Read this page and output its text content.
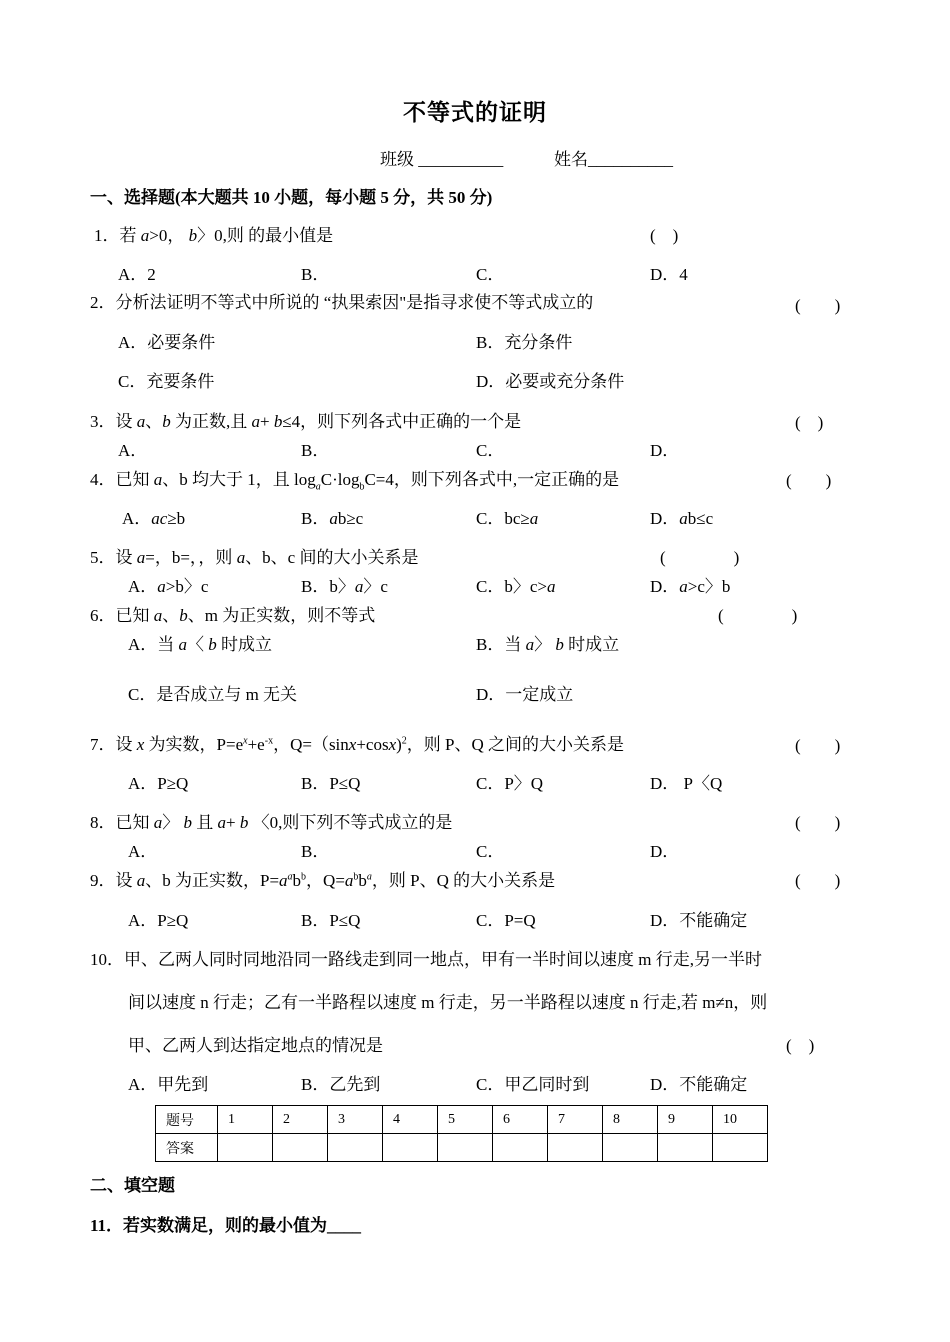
不等式的证明
班级 __________	姓名__________
一、选择题(本大题共 10 小题，每小题 5 分，共 50 分)
1．若 a>0， b〉0,则 的最小值是	(　)
A．2	B．	C．	D．4
2．分析法证明不等式中所说的 “执果索因"是指寻求使不等式成立的	(　　)
A．必要条件	B．充分条件
C．充要条件	D．必要或充分条件
3．设 a、b 为正数,且 a+ b≤4，则下列各式中正确的一个是	(　)
A．	B．	C．	D．
4．已知 a、b 均大于 1，且 $\log_aC\cdot\log_bC=4$，则下列各式中,一定正确的是	(　　)
A．ac≥b	B．ab≥c	C．bc≥a	D．ab≤c
5．设 a=，b=，，则 a、b、c 间的大小关系是	(　　　　)
A．a>b〉c	B．b〉a〉c	C．b〉c>a	D．a>c〉b
6．已知 a、b、m 为正实数，则不等式	(　　　　)
A．当 a〈 b 时成立	B．当 a〉 b 时成立
C．是否成立与 m 无关	D．一定成立
7．设 x 为实数，$P=e^x+e^{-x}$，Q=（sinx+cosx)$^2$，则 P、Q 之间的大小关系是	(　　)
A．P≥Q	B．P≤Q	C．P〉Q	D． P〈Q
8．已知 a〉 b 且 a+ b 〈0,则下列不等式成立的是	(　　)
A．	B．	C．	D．
9．设 a、b 为正实数，$P=a^ab^b$，$Q=a^bb^a$，则 P、Q 的大小关系是	(　　)
A．P≥Q	B．P≤Q	C．P=Q	D．不能确定
10．甲、乙两人同时同地沿同一路线走到同一地点，甲有一半时间以速度 m 行走,另一半时
间以速度 n 行走；乙有一半路程以速度 m 行走，另一半路程以速度 n 行走,若 m≠n，则
甲、乙两人到达指定地点的情况是	(　)
A．甲先到	B．乙先到	C．甲乙同时到	D．不能确定
题号	1	2	3	4	5	6	7	8	9	10
答案										
二、填空题
11．若实数满足，则的最小值为____
